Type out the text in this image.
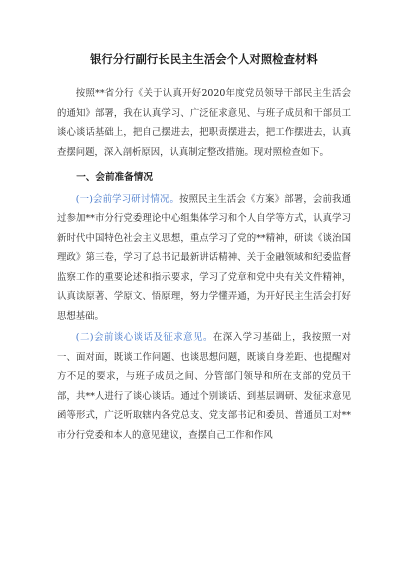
银行分行副行长民主生活会个人对照检查材料

按照**省分行《关于认真开好2020年度党员领导干部民主生活会的通知》部署，我在认真学习、广泛征求意见、与班子成员和干部员工谈心谈话基础上，把自己摆进去，把职责摆进去，把工作摆进去，认真查摆问题，深入剖析原因，认真制定整改措施。现对照检查如下。

一、会前准备情况

(一)会前学习研讨情况。按照民主生活会《方案》部署，会前我通过参加**市分行党委理论中心组集体学习和个人自学等方式，认真学习新时代中国特色社会主义思想，重点学习了党的**精神，研读《谈治国理政》第三卷，学习了总书记最新讲话精神、关于金融领域和纪委监督监察工作的重要论述和指示要求，学习了党章和党中央有关文件精神，认真读原著、学原文、悟原理，努力学懂弄通，为开好民主生活会打好思想基础。

(二)会前谈心谈话及征求意见。在深入学习基础上，我按照一对一、面对面，既谈工作问题、也谈思想问题，既谈自身差距、也提醒对方不足的要求，与班子成员之间、分管部门领导和所在支部的党员干部，共**人进行了谈心谈话。通过个别谈话、到基层调研、发征求意见函等形式，广泛听取辖内各党总支、党支部书记和委员、普通员工对**市分行党委和本人的意见建议，查摆自己工作和作风
